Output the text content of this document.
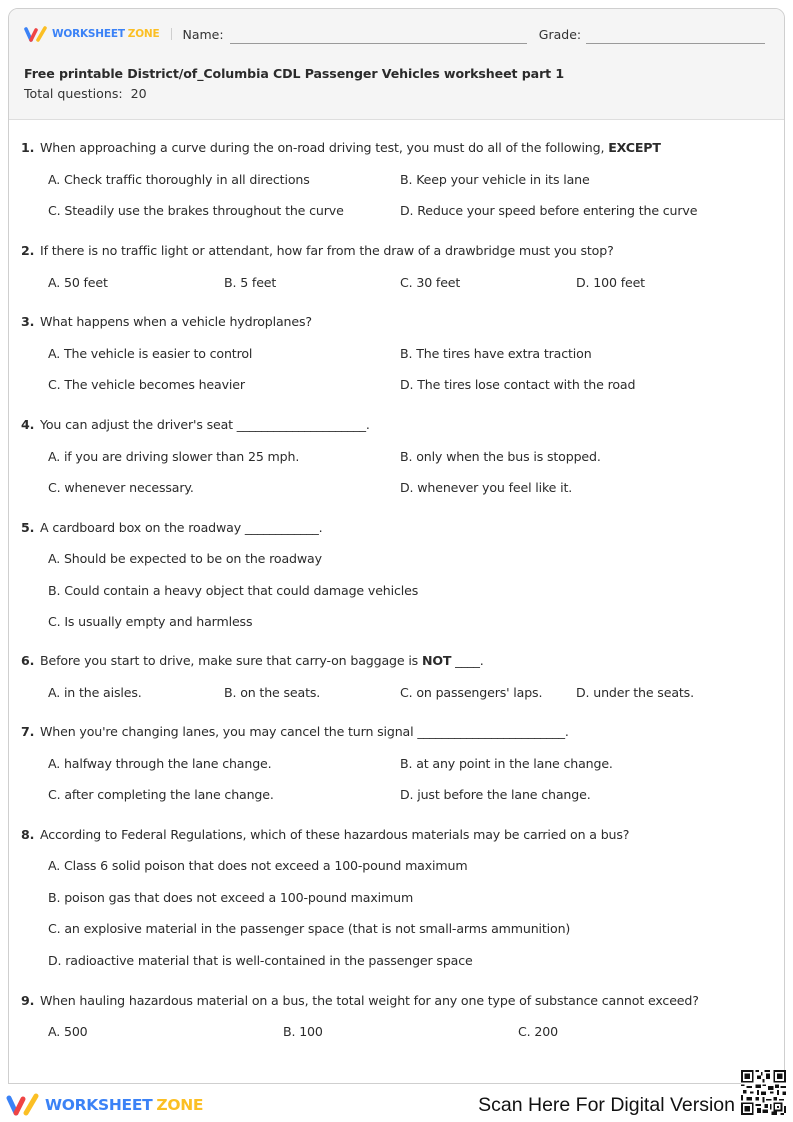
WORKSHEET ZONE Name:	Grade:
Free printable District/of_Columbia CDL Passenger Vehicles worksheet part 1
Total questions: 20
1. When approaching a curve during the on-road driving test, you must do all of the following, EXCEPT
A. Check traffic thoroughly in all directions	B. Keep your vehicle in its lane
C. Steadily use the brakes throughout the curve	D. Reduce your speed before entering the curve
2. If there is no traffic light or attendant, how far from the draw of a drawbridge must you stop?
A. 50 feet	B. 5 feet	C. 30 feet	D. 100 feet
3. What happens when a vehicle hydroplanes?
A. The vehicle is easier to control	B. The tires have extra traction
C. The vehicle becomes heavier	D. The tires lose contact with the road
4. You can adjust the driver's seat _____________________.
A. if you are driving slower than 25 mph.	B. only when the bus is stopped.
C. whenever necessary.	D. whenever you feel like it.
5. A cardboard box on the roadway ____________.
A. Should be expected to be on the roadway
B. Could contain a heavy object that could damage vehicles
C. Is usually empty and harmless
6. Before you start to drive, make sure that carry-on baggage is NOT ____.
A. in the aisles.	B. on the seats.	C. on passengers' laps.	D. under the seats.
7. When you're changing lanes, you may cancel the turn signal ________________________.
A. halfway through the lane change.	B. at any point in the lane change.
C. after completing the lane change.	D. just before the lane change.
8. According to Federal Regulations, which of these hazardous materials may be carried on a bus?
A. Class 6 solid poison that does not exceed a 100-pound maximum
B. poison gas that does not exceed a 100-pound maximum
C. an explosive material in the passenger space (that is not small-arms ammunition)
D. radioactive material that is well-contained in the passenger space
9. When hauling hazardous material on a bus, the total weight for any one type of substance cannot exceed?
A. 500	B. 100	C. 200
WORKSHEET ZONE	Scan Here For Digital Version
